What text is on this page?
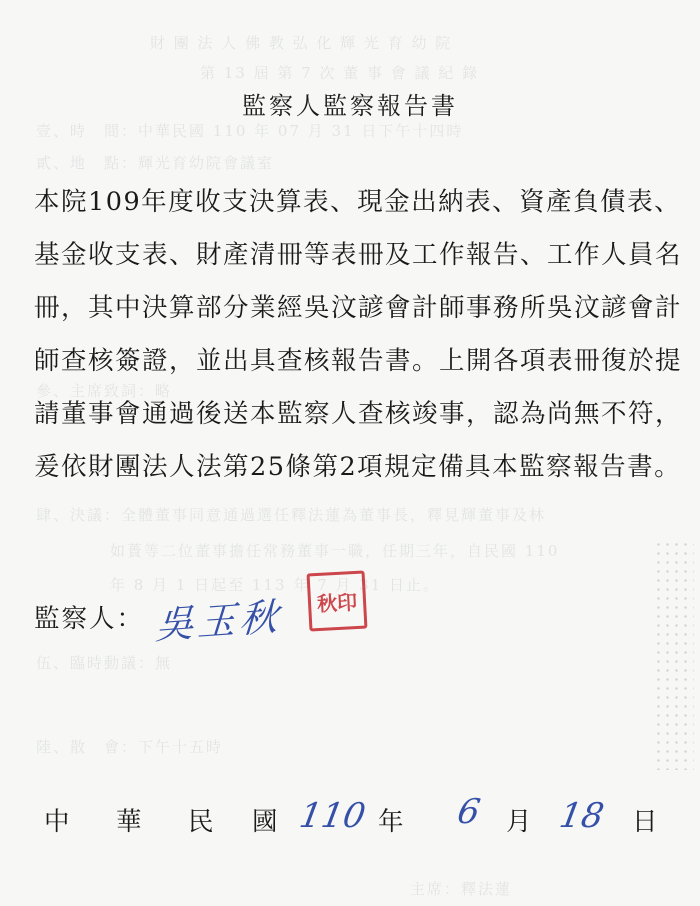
財 團 法 人 佛 教 弘 化 輝 光 育 幼 院
第 13 屆 第 7 次 董 事 會 議 紀 錄
壹、時　間：中華民國 110 年 07 月 31 日下午十四時
貳、地　點：輝光育幼院會議室
參、主席致詞：略
肆、決議：全體董事同意通過選任釋法蓮為董事長，釋見輝董事及林
如蕢等二位董事擔任常務董事一職，任期三年，自民國 110
年 8 月 1 日起至 113 年 7 月 31 日止。
伍、臨時動議：無
陸、散　會：下午十五時
主席：釋法蓮
監察人監察報告書
本院109年度收支決算表、現金出納表、資產負債表、
基金收支表、財產清冊等表冊及工作報告、工作人員名
冊，其中決算部分業經吳汶諺會計師事務所吳汶諺會計
師查核簽證，並出具查核報告書。上開各項表冊復於提
請董事會通過後送本監察人查核竣事，認為尚無不符，
爰依財團法人法第25條第2項規定備具本監察報告書。
監察人： 吳玉秋	秋印
中 華 民 國 110 年 6 月 18 日
